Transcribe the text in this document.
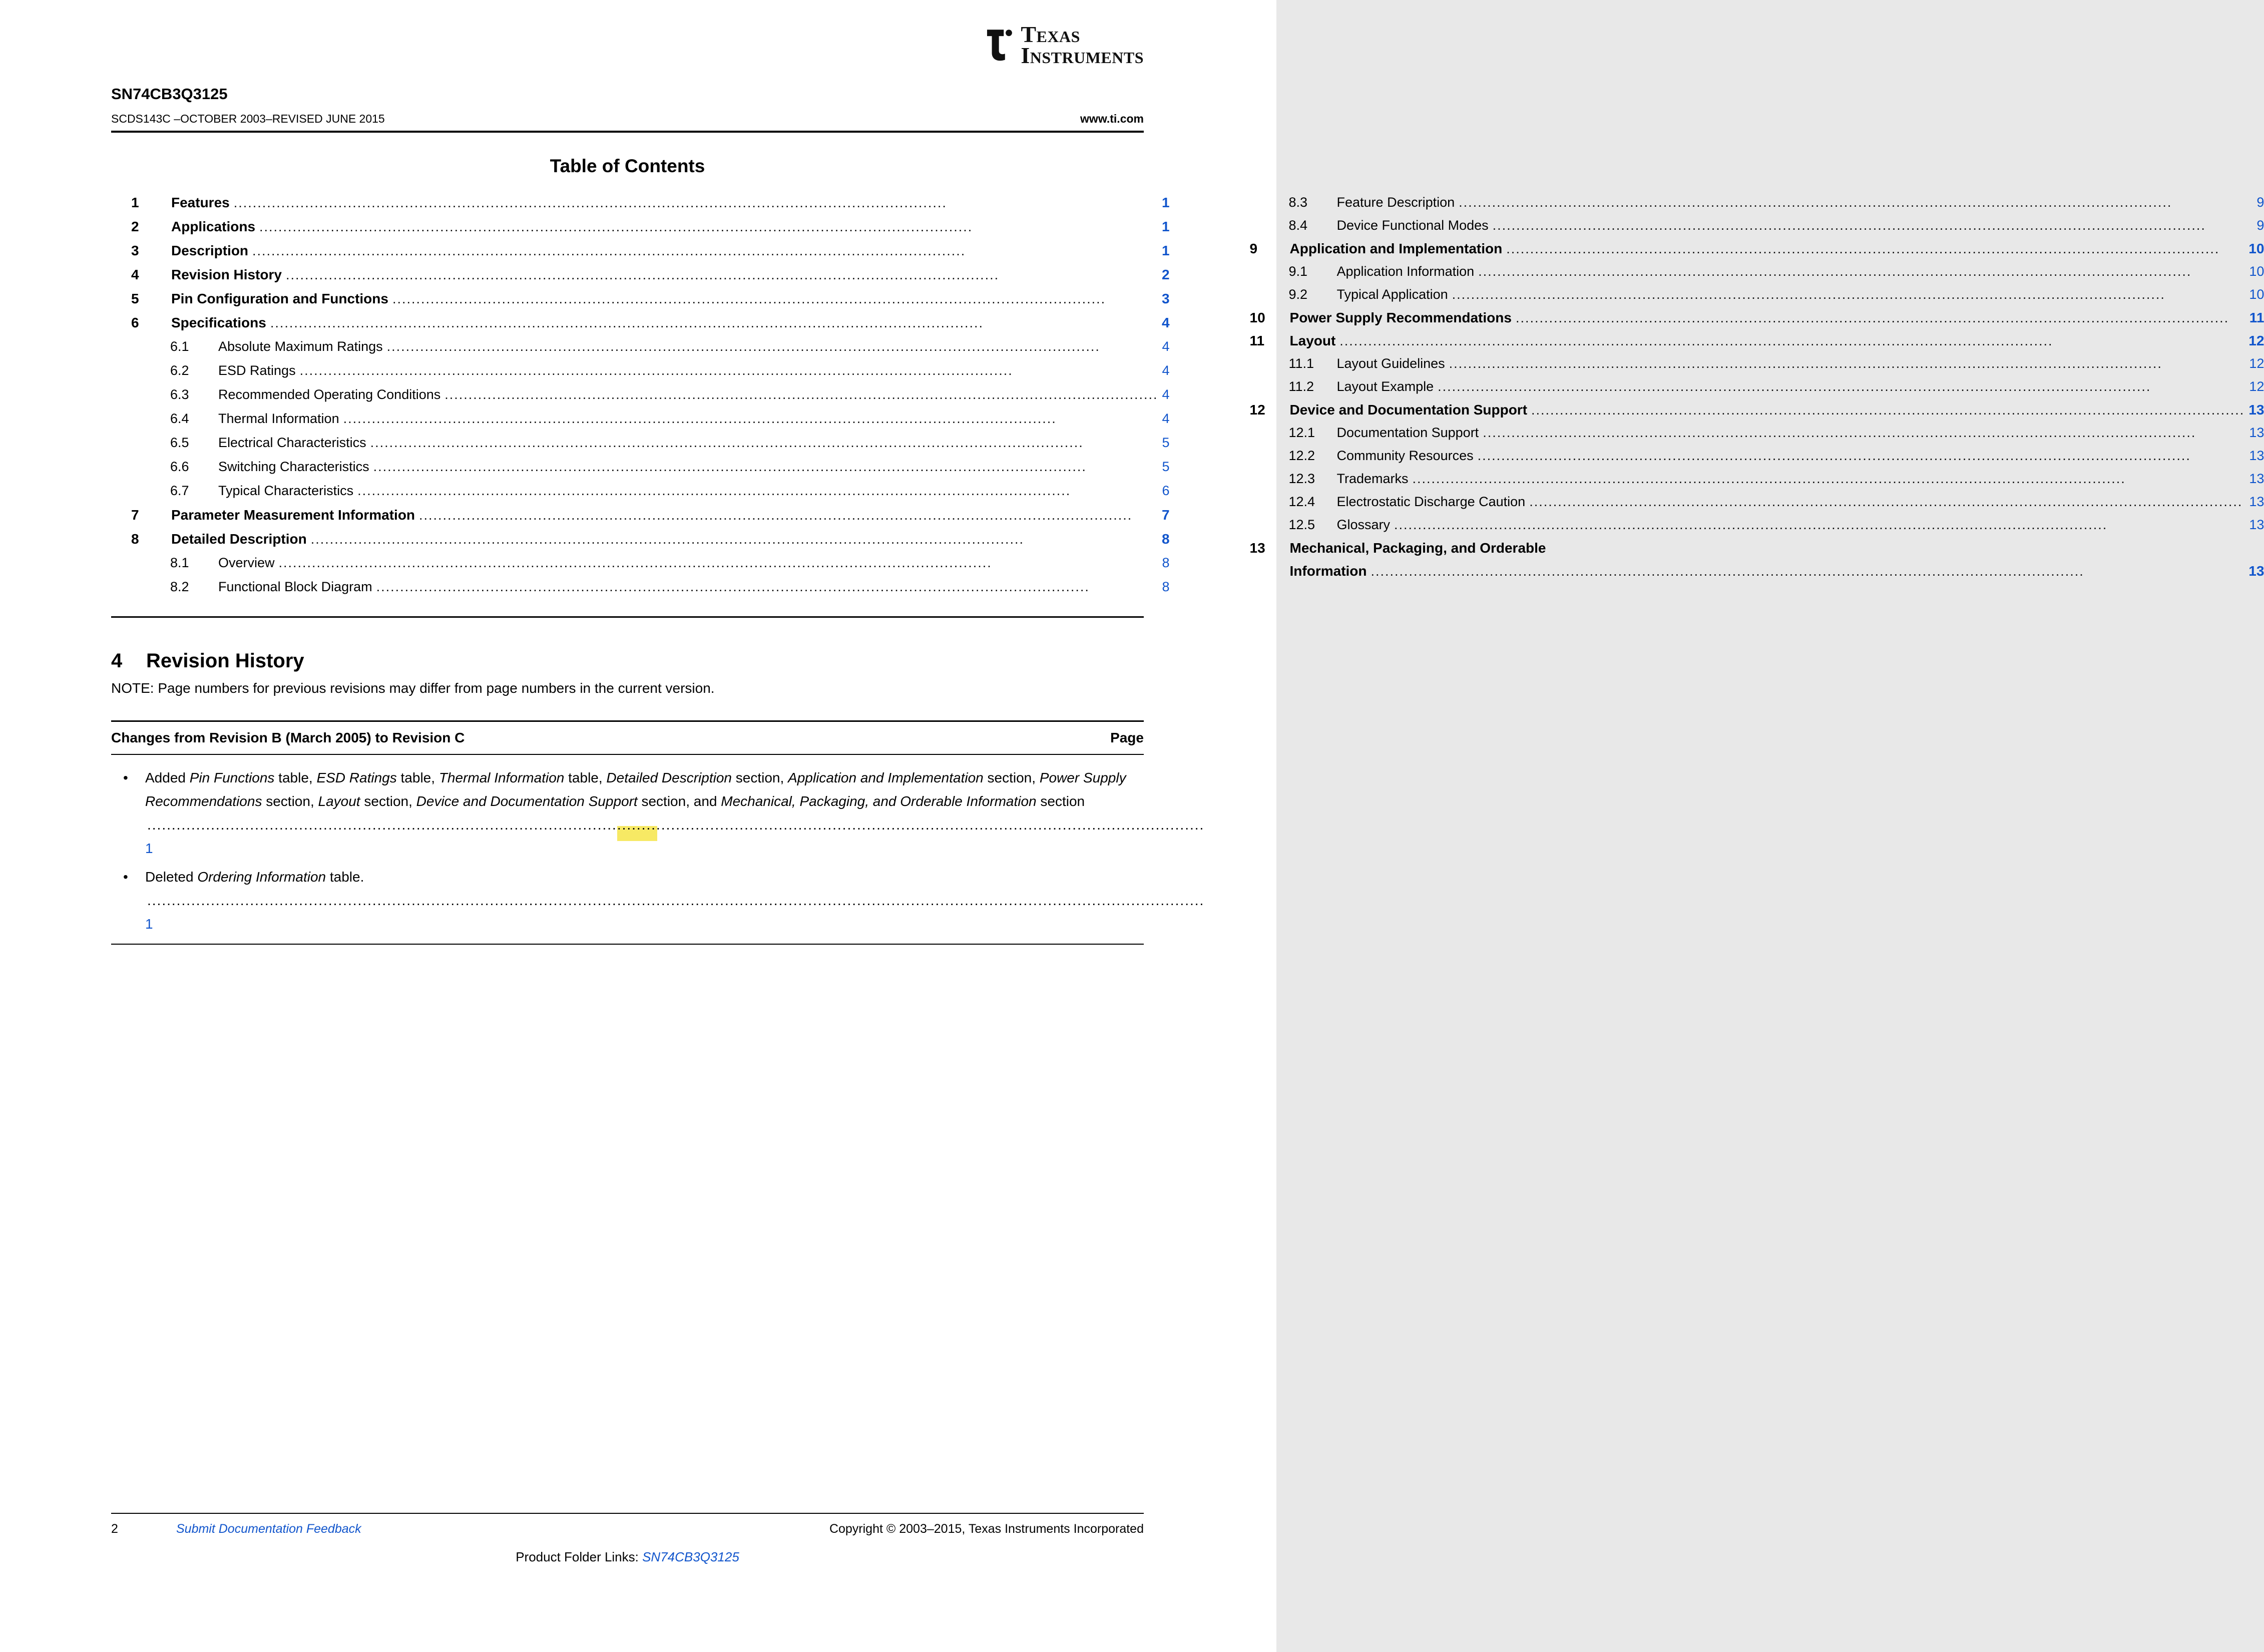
Texas
Instruments
SN74CB3Q3125
SCDS143C –OCTOBER 2003–REVISED JUNE 2015	www.ti.com
Table of Contents
1	Features .....	1
2	Applications .....	1
3	Description .....	1
4	Revision History .....	2
5	Pin Configuration and Functions .....	3
6	Specifications .....	4
6.1	Absolute Maximum Ratings .....	4
6.2	ESD Ratings .....	4
6.3	Recommended Operating Conditions .....	4
6.4	Thermal Information .....	4
6.5	Electrical Characteristics .....	5
6.6	Switching Characteristics .....	5
6.7	Typical Characteristics .....	6
7	Parameter Measurement Information .....	7
8	Detailed Description .....	8
8.1	Overview .....	8
8.2	Functional Block Diagram .....	8
8.3	Feature Description .....	9
8.4	Device Functional Modes .....	9
9	Application and Implementation .....	10
9.1	Application Information .....	10
9.2	Typical Application .....	10
10	Power Supply Recommendations .....	11
11	Layout .....	12
11.1	Layout Guidelines .....	12
11.2	Layout Example .....	12
12	Device and Documentation Support .....	13
12.1	Documentation Support .....	13
12.2	Community Resources .....	13
12.3	Trademarks .....	13
12.4	Electrostatic Discharge Caution .....	13
12.5	Glossary .....	13
13	Mechanical, Packaging, and Orderable
Information .....	13
4	Revision History
NOTE: Page numbers for previous revisions may differ from page numbers in the current version.
Changes from Revision B (March 2005) to Revision C	Page
•	Added Pin Functions table, ESD Ratings table, Thermal Information table, Detailed Description section, Application and Implementation section, Power Supply Recommendations section, Layout section, Device and Documentation Support section, and Mechanical, Packaging, and Orderable Information section.....1
•	Deleted Ordering Information table. .....1
2	Submit Documentation Feedback	Copyright © 2003–2015, Texas Instruments Incorporated
Product Folder Links: SN74CB3Q3125
